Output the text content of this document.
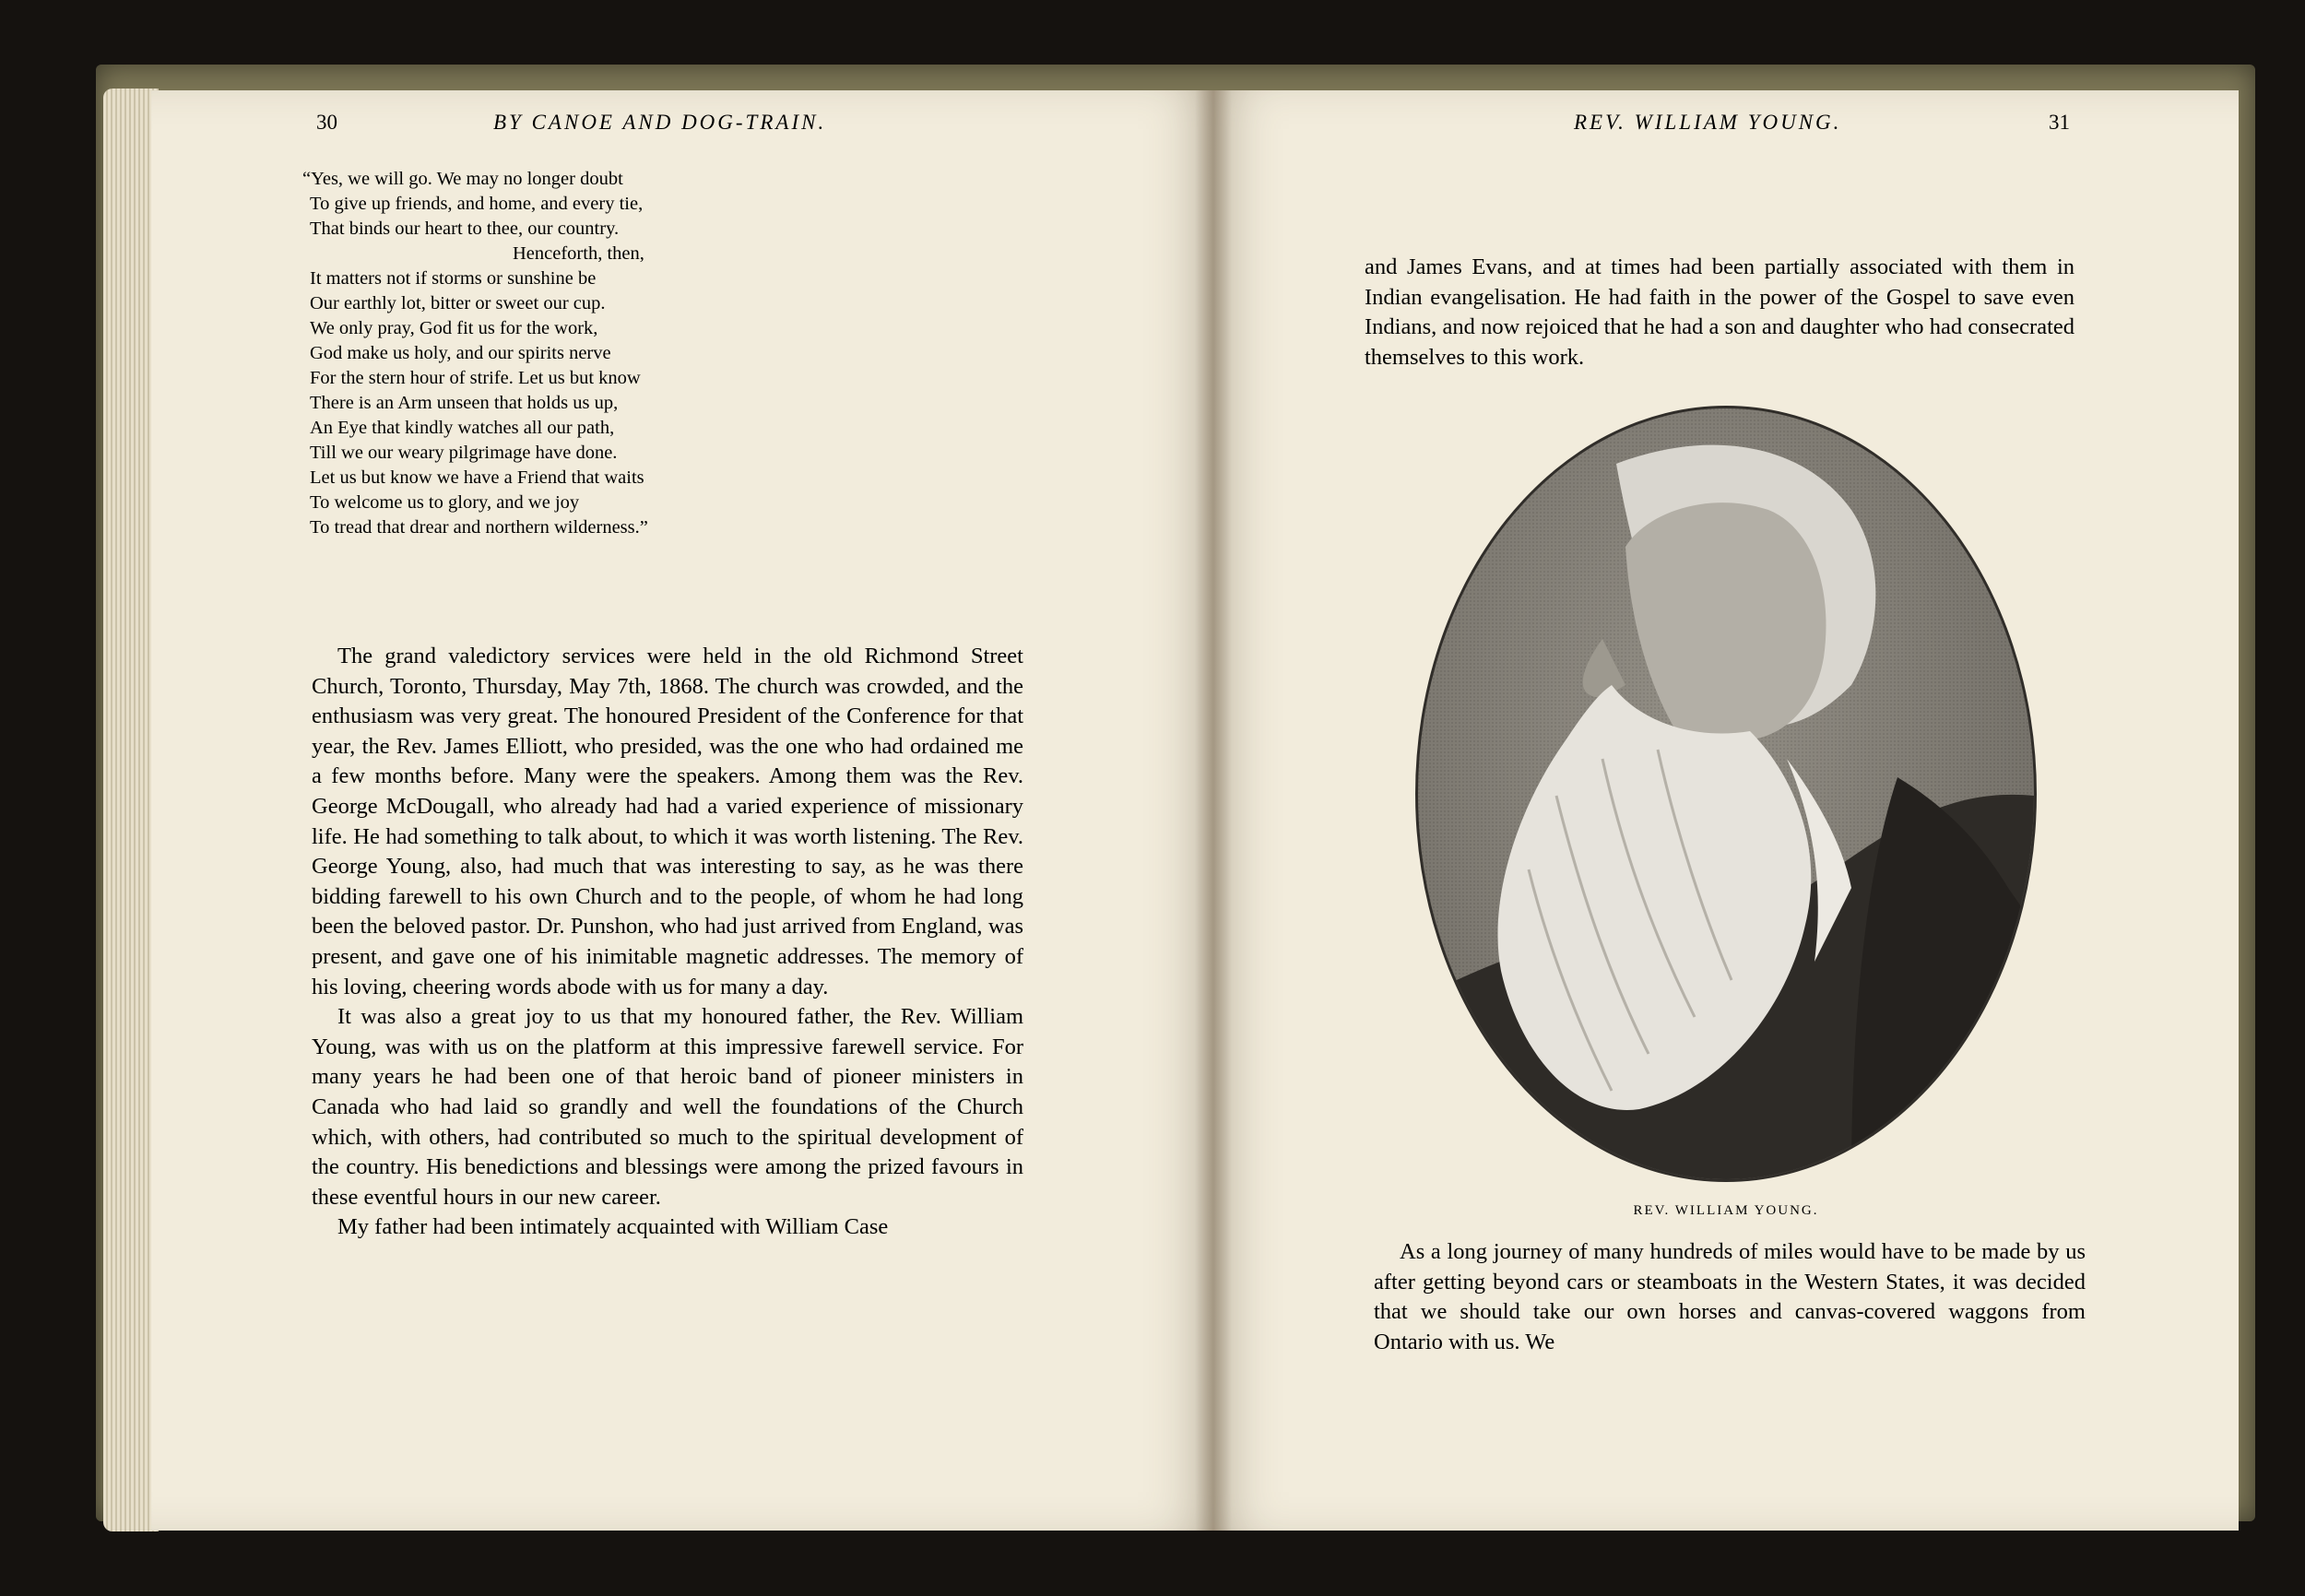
30	BY CANOE AND DOG-TRAIN.
“Yes, we will go. We may no longer doubt
To give up friends, and home, and every tie,
That binds our heart to thee, our country.
Henceforth, then,
It matters not if storms or sunshine be
Our earthly lot, bitter or sweet our cup.
We only pray, God fit us for the work,
God make us holy, and our spirits nerve
For the stern hour of strife. Let us but know
There is an Arm unseen that holds us up,
An Eye that kindly watches all our path,
Till we our weary pilgrimage have done.
Let us but know we have a Friend that waits
To welcome us to glory, and we joy
To tread that drear and northern wilderness.”

The grand valedictory services were held in the old Richmond Street Church, Toronto, Thursday, May 7th, 1868. The church was crowded, and the enthusiasm was very great. The honoured President of the Conference for that year, the Rev. James Elliott, who presided, was the one who had ordained me a few months before. Many were the speakers. Among them was the Rev. George McDougall, who already had had a varied experience of missionary life. He had something to talk about, to which it was worth listening. The Rev. George Young, also, had much that was interesting to say, as he was there bidding farewell to his own Church and to the people, of whom he had long been the beloved pastor. Dr. Punshon, who had just arrived from England, was present, and gave one of his inimitable magnetic addresses. The memory of his loving, cheering words abode with us for many a day.

It was also a great joy to us that my honoured father, the Rev. William Young, was with us on the platform at this impressive farewell service. For many years he had been one of that heroic band of pioneer ministers in Canada who had laid so grandly and well the foundations of the Church which, with others, had contributed so much to the spiritual development of the country. His benedictions and blessings were among the prized favours in these eventful hours in our new career.

My father had been intimately acquainted with William Case

REV. WILLIAM YOUNG.	31

and James Evans, and at times had been partially associated with them in Indian evangelisation. He had faith in the power of the Gospel to save even Indians, and now rejoiced that he had a son and daughter who had consecrated themselves to this work.

REV. WILLIAM YOUNG.

As a long journey of many hundreds of miles would have to be made by us after getting beyond cars or steamboats in the Western States, it was decided that we should take our own horses and canvas-covered waggons from Ontario with us. We
